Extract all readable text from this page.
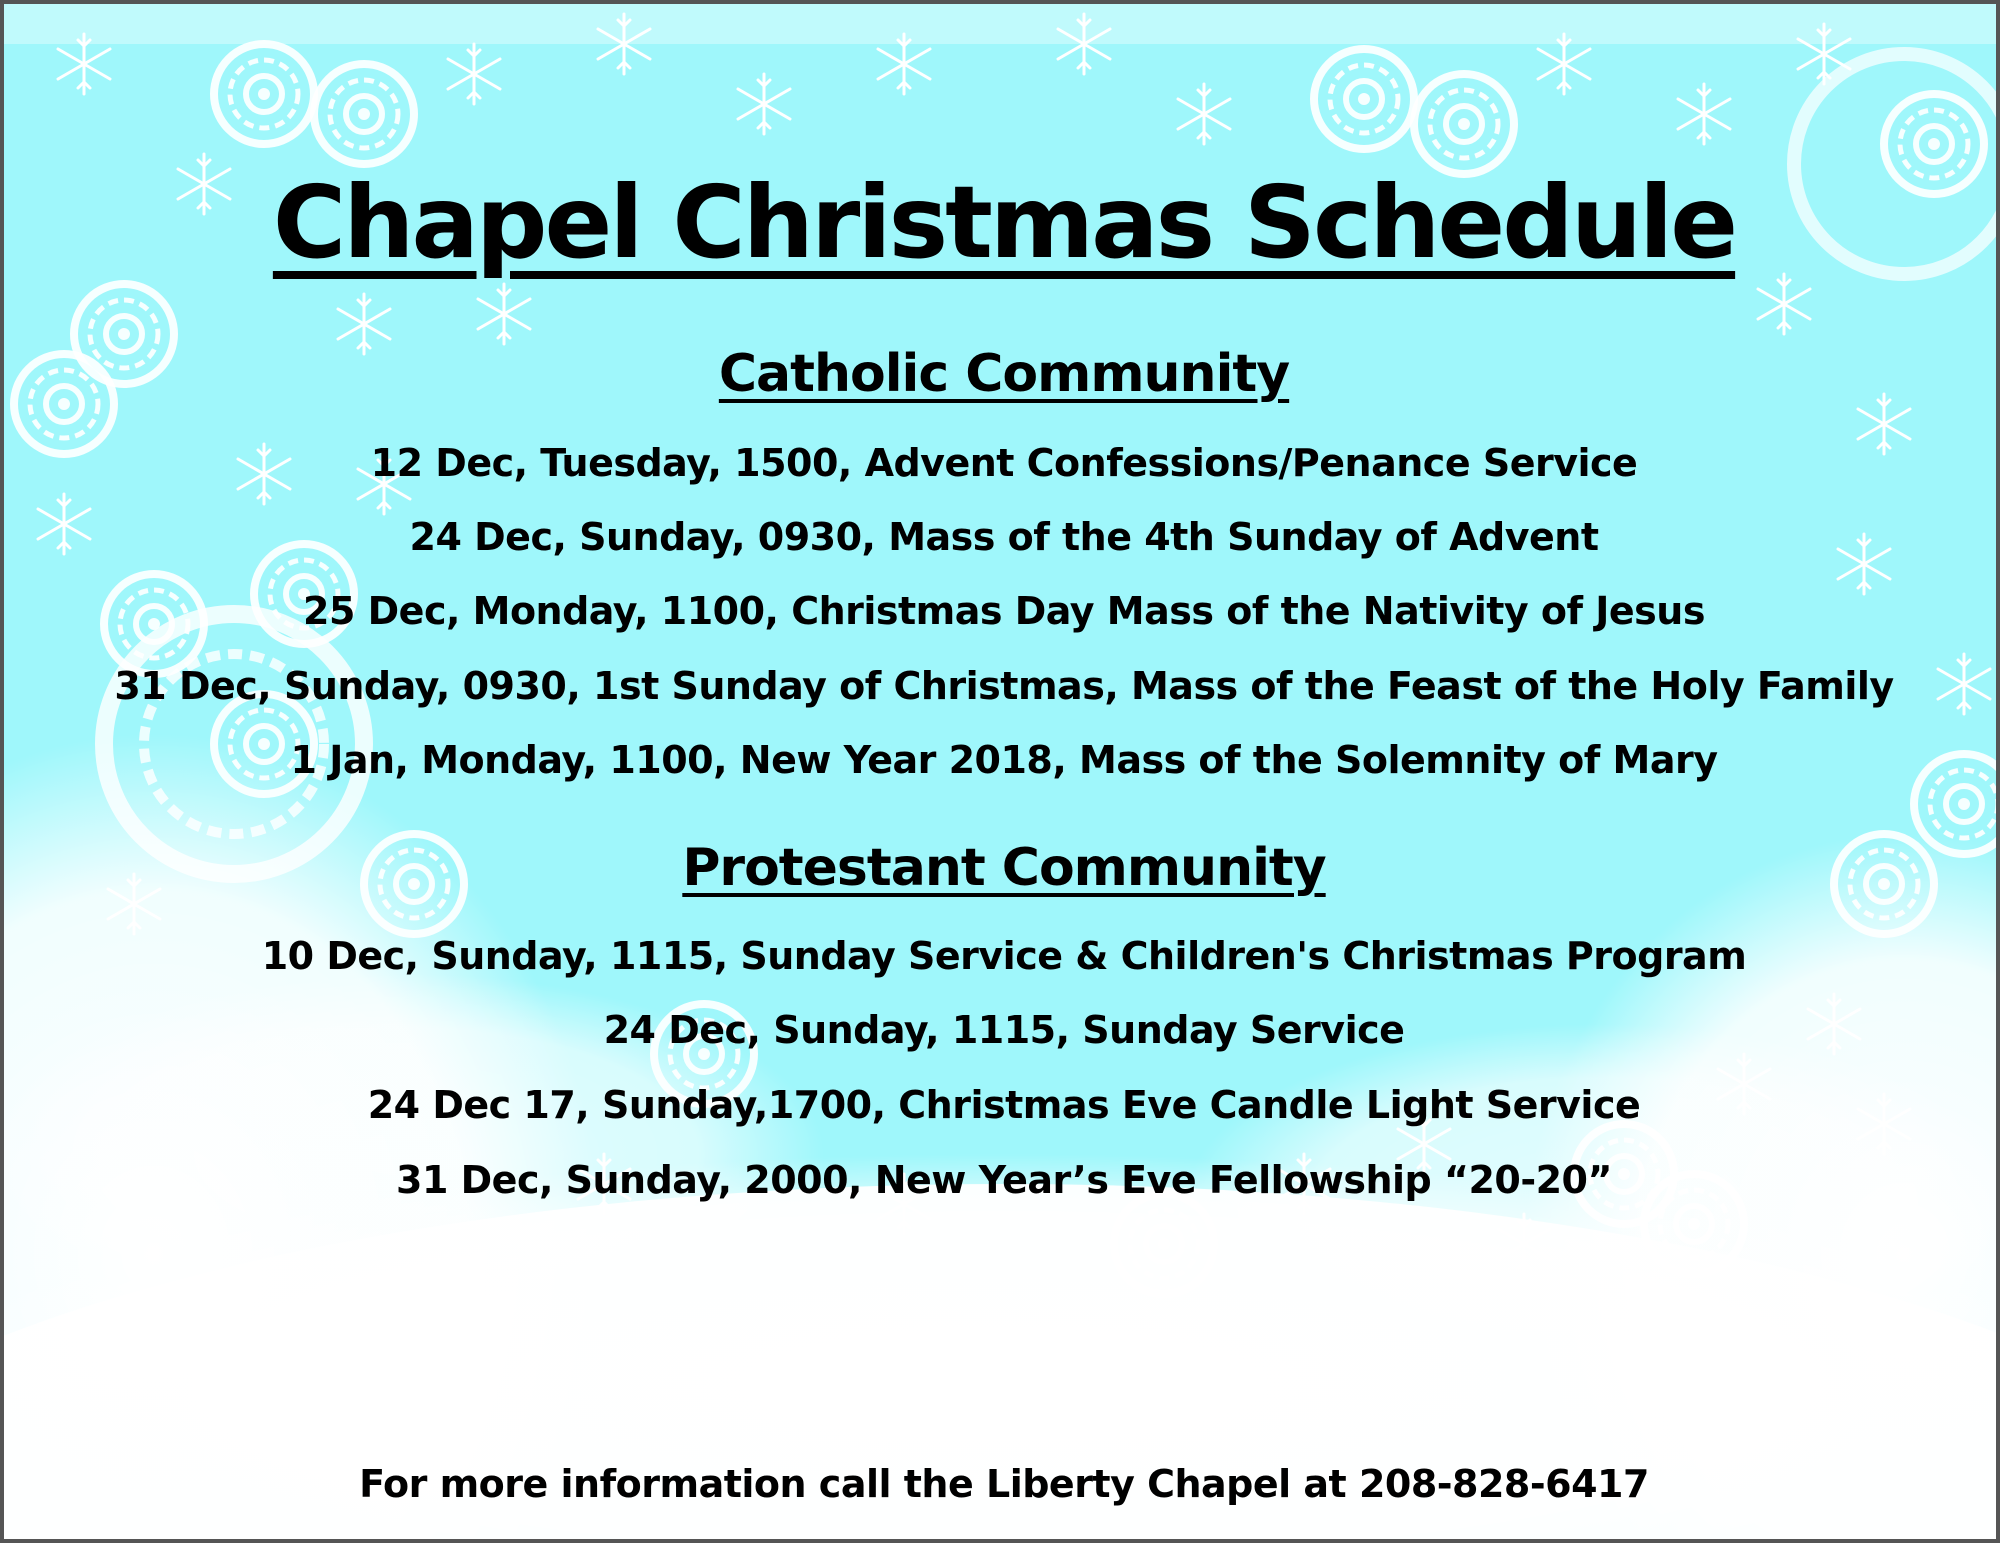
Chapel Christmas Schedule
Catholic Community
12 Dec, Tuesday, 1500, Advent Confessions/Penance Service
24 Dec, Sunday, 0930, Mass of the 4th Sunday of Advent
25 Dec, Monday, 1100, Christmas Day Mass of the Nativity of Jesus
31 Dec, Sunday, 0930, 1st Sunday of Christmas, Mass of the Feast of the Holy Family
1 Jan, Monday, 1100, New Year 2018, Mass of the Solemnity of Mary
Protestant Community
10 Dec, Sunday, 1115, Sunday Service & Children's Christmas Program
24 Dec, Sunday, 1115, Sunday Service
24 Dec 17, Sunday,1700, Christmas Eve Candle Light Service
31 Dec, Sunday, 2000, New Year’s Eve Fellowship “20-20”
For more information call the Liberty Chapel at 208-828-6417
